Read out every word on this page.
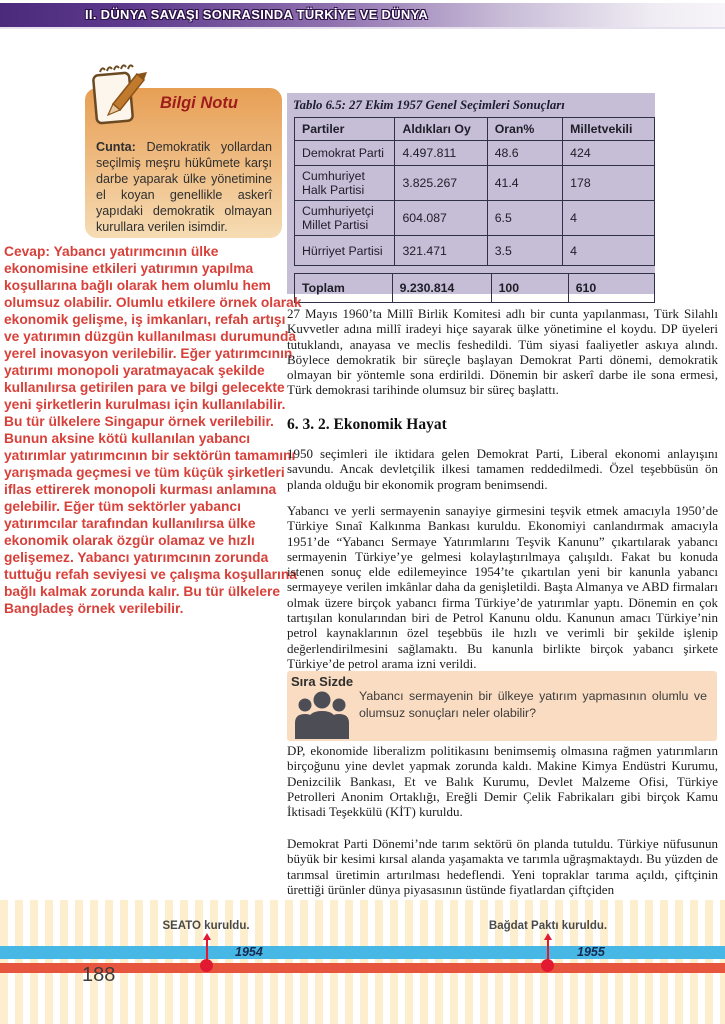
II. DÜNYA SAVAŞI SONRASINDA TÜRKİYE VE DÜNYA
Bilgi Notu
Cunta: Demokratik yollardan seçilmiş meşru hükûmete karşı darbe yaparak ülke yönetimine el koyan genellikle askerî yapıdaki demokratik olmayan kurullara verilen isimdir.
Tablo 6.5: 27 Ekim 1957 Genel Seçimleri Sonuçları
Partiler	Aldıkları Oy	Oran%	Milletvekili
Demokrat Parti	4.497.811	48.6	424
Cumhuriyet Halk Partisi	3.825.267	41.4	178
Cumhuriyetçi Millet Partisi	604.087	6.5	4
Hürriyet Partisi	321.471	3.5	4
Toplam	9.230.814	100	610
Cevap: Yabancı yatırımcının ülke ekonomisine etkileri yatırımın yapılma koşullarına bağlı olarak hem olumlu hem olumsuz olabilir. Olumlu etkilere örnek olarak ekonomik gelişme, iş imkanları, refah artışı ve yatırımın düzgün kullanılması durumunda yerel inovasyon verilebilir. Eğer yatırımcının yatırımı monopoli yaratmayacak şekilde kullanılırsa getirilen para ve bilgi gelecekte yeni şirketlerin kurulması için kullanılabilir. Bu tür ülkelere Singapur örnek verilebilir. Bunun aksine kötü kullanılan yabancı yatırımlar yatırımcının bir sektörün tamamını yarışmada geçmesi ve tüm küçük şirketleri iflas ettirerek monopoli kurması anlamına gelebilir. Eğer tüm sektörler yabancı yatırımcılar tarafından kullanılırsa ülke ekonomik olarak özgür olamaz ve hızlı gelişemez. Yabancı yatırımcının zorunda tuttuğu refah seviyesi ve çalışma koşullarına bağlı kalmak zorunda kalır. Bu tür ülkelere Bangladeş örnek verilebilir.
27 Mayıs 1960’ta Millî Birlik Komitesi adlı bir cunta yapılanması, Türk Silahlı Kuvvetler adına millî iradeyi hiçe sayarak ülke yönetimine el koydu. DP üyeleri tutuklandı, anayasa ve meclis feshedildi. Tüm siyasi faaliyetler askıya alındı. Böylece demokratik bir süreçle başlayan Demokrat Parti dönemi, demokratik olmayan bir yöntemle sona erdirildi. Dönemin bir askerî darbe ile sona ermesi, Türk demokrasi tarihinde olumsuz bir süreç başlattı.
6. 3. 2. Ekonomik Hayat
1950 seçimleri ile iktidara gelen Demokrat Parti, Liberal ekonomi anlayışını savundu. Ancak devletçilik ilkesi tamamen reddedilmedi. Özel teşebbüsün ön planda olduğu bir ekonomik program benimsendi.
Yabancı ve yerli sermayenin sanayiye girmesini teşvik etmek amacıyla 1950’de Türkiye Sınaî Kalkınma Bankası kuruldu. Ekonomiyi canlandırmak amacıyla 1951’de “Yabancı Sermaye Yatırımlarını Teşvik Kanunu” çıkartılarak yabancı sermayenin Türkiye’ye gelmesi kolaylaştırılmaya çalışıldı. Fakat bu konuda istenen sonuç elde edilemeyince 1954’te çıkartılan yeni bir kanunla yabancı sermayeye verilen imkânlar daha da genişletildi. Başta Almanya ve ABD firmaları olmak üzere birçok yabancı firma Türkiye’de yatırımlar yaptı. Dönemin en çok tartışılan konularından biri de Petrol Kanunu oldu. Kanunun amacı Türkiye’nin petrol kaynaklarının özel teşebbüs ile hızlı ve verimli bir şekilde işlenip değerlendirilmesini sağlamaktı. Bu kanunla birlikte birçok yabancı şirkete Türkiye’de petrol arama izni verildi.
Sıra Sizde
Yabancı sermayenin bir ülkeye yatırım yapmasının olumlu ve olumsuz sonuçları neler olabilir?
DP, ekonomide liberalizm politikasını benimsemiş olmasına rağmen yatırımların birçoğunu yine devlet yapmak zorunda kaldı. Makine Kimya Endüstri Kurumu, Denizcilik Bankası, Et ve Balık Kurumu, Devlet Malzeme Ofisi, Türkiye Petrolleri Anonim Ortaklığı, Ereğli Demir Çelik Fabrikaları gibi birçok Kamu İktisadi Teşekkülü (KİT) kuruldu.
Demokrat Parti Dönemi’nde tarım sektörü ön planda tutuldu. Türkiye nüfusunun büyük bir kesimi kırsal alanda yaşamakta ve tarımla uğraşmaktaydı. Bu yüzden de tarımsal üretimin artırılması hedeflendi. Yeni topraklar tarıma açıldı, çiftçinin ürettiği ürünler dünya piyasasının üstünde fiyatlardan çiftçiden
SEATO kuruldu.
1954
Bağdat Paktı kuruldu.
1955
188
